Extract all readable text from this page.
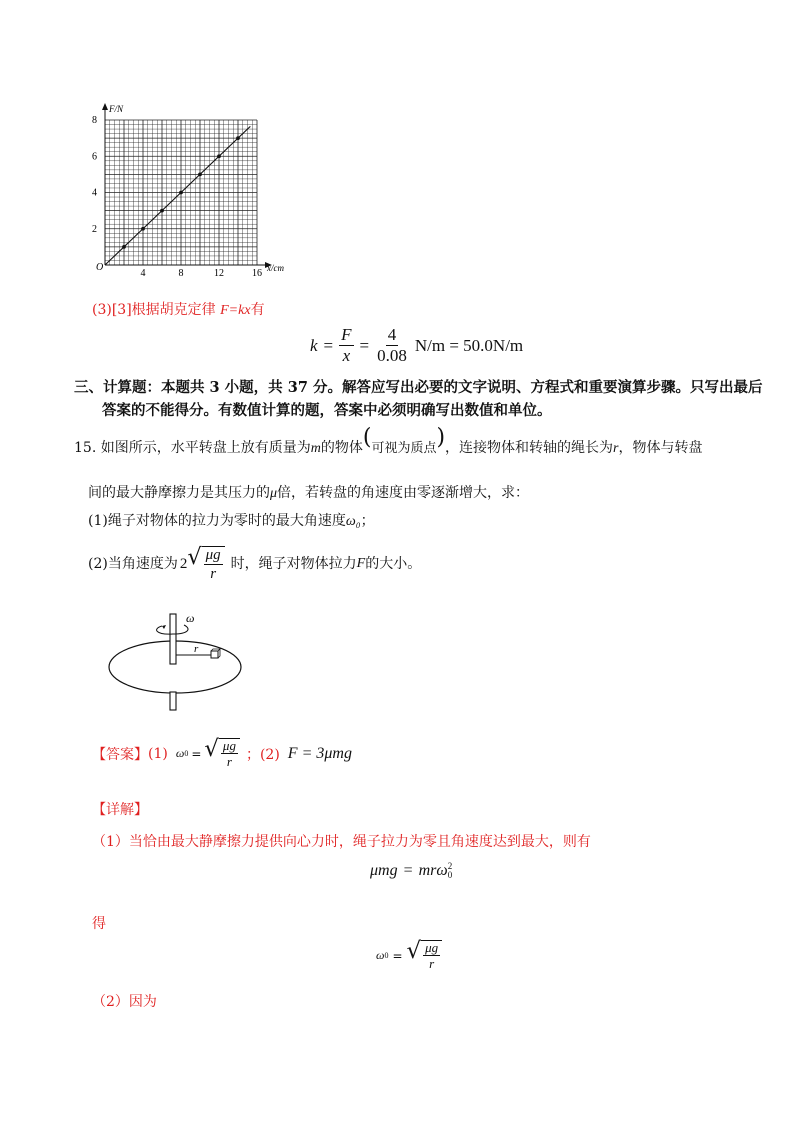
F/N
x/cm
O
2
4
6
8
4	8	12	16
(3)[3]根据胡克定律 F=kx有
$k = \frac{F}{x} = \frac{4}{0.08} N/m = 50.0N/m$
三、计算题：本题共 3 小题，共 37 分。解答应写出必要的文字说明、方程式和重要演算步骤。只写出最后
答案的不能得分。有数值计算的题，答案中必须明确写出数值和单位。
15. 如图所示，水平转盘上放有质量为m的物体(可视为质点)，连接物体和转轴的绳长为r，物体与转盘
间的最大静摩擦力是其压力的μ倍，若转盘的角速度由零逐渐增大，求：
(1)绳子对物体的拉力为零时的最大角速度ω₀；
(2)当角速度为 2 √ $\frac{\mu g}{r}$ 时，绳子对物体拉力 F 的大小。
ω
r
【答案】 (1) ω 0 = √ $\frac{\mu g}{r}$ ；(2) F = 3μmg
【详解】
（1）当恰由最大静摩擦力提供向心力时，绳子拉力为零且角速度达到最大，则有
μmg = mrω 2
0
得
ω 0 = √ $\frac{\mu g}{r}$
（2）因为
